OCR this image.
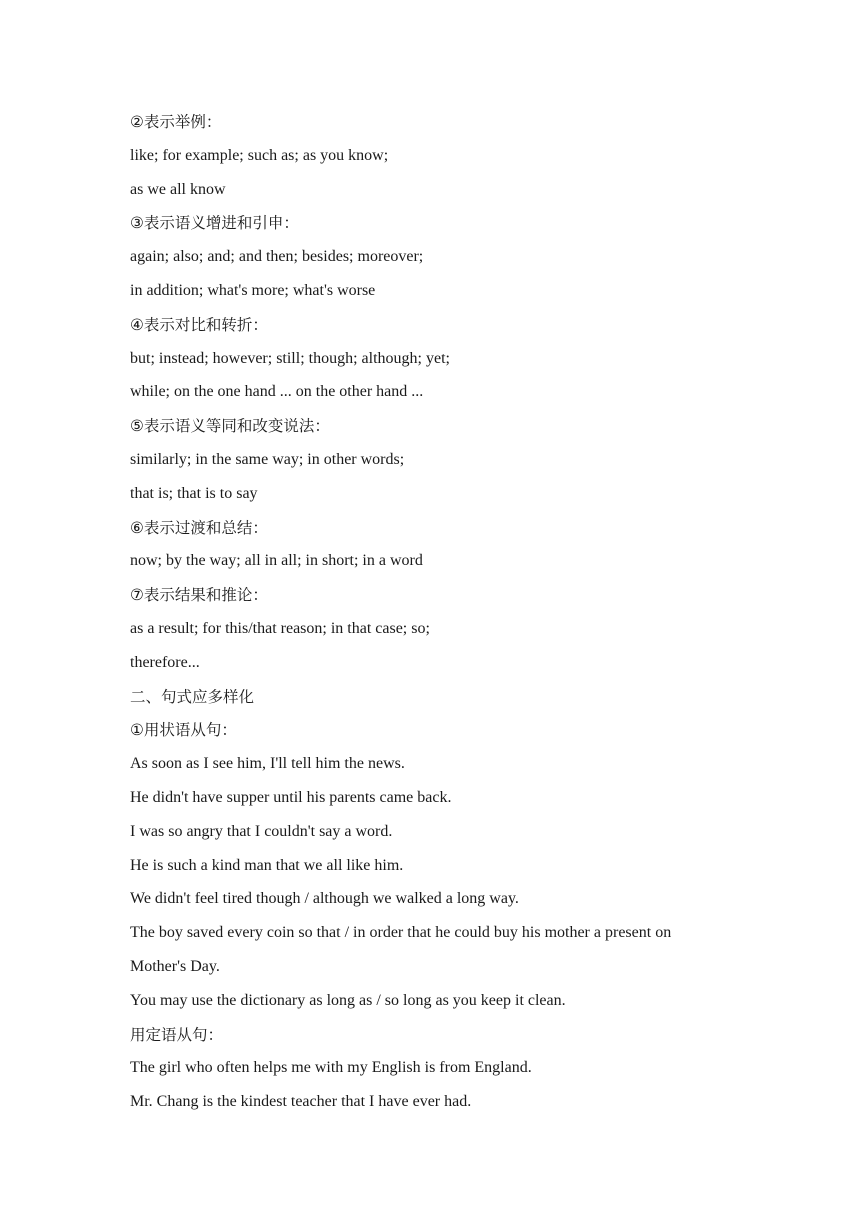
②表示举例：
like; for example; such as; as you know;
as we all know
③表示语义增进和引申：
again; also; and; and then; besides; moreover;
in addition; what's more; what's worse
④表示对比和转折：
but; instead; however; still; though; although; yet;
while; on the one hand ... on the other hand ...
⑤表示语义等同和改变说法：
similarly; in the same way; in other words;
that is; that is to say
⑥表示过渡和总结：
now; by the way; all in all; in short; in a word
⑦表示结果和推论：
as a result; for this/that reason; in that case; so;
therefore...
二、句式应多样化
①用状语从句：
As soon as I see him, I'll tell him the news.
He didn't have supper until his parents came back.
I was so angry that I couldn't say a word.
He is such a kind man that we all like him.
We didn't feel tired though / although we walked a long way.
The boy saved every coin so that / in order that he could buy his mother a present on
Mother's Day.
You may use the dictionary as long as / so long as you keep it clean.
用定语从句：
The girl who often helps me with my English is from England.
Mr. Chang is the kindest teacher that I have ever had.
